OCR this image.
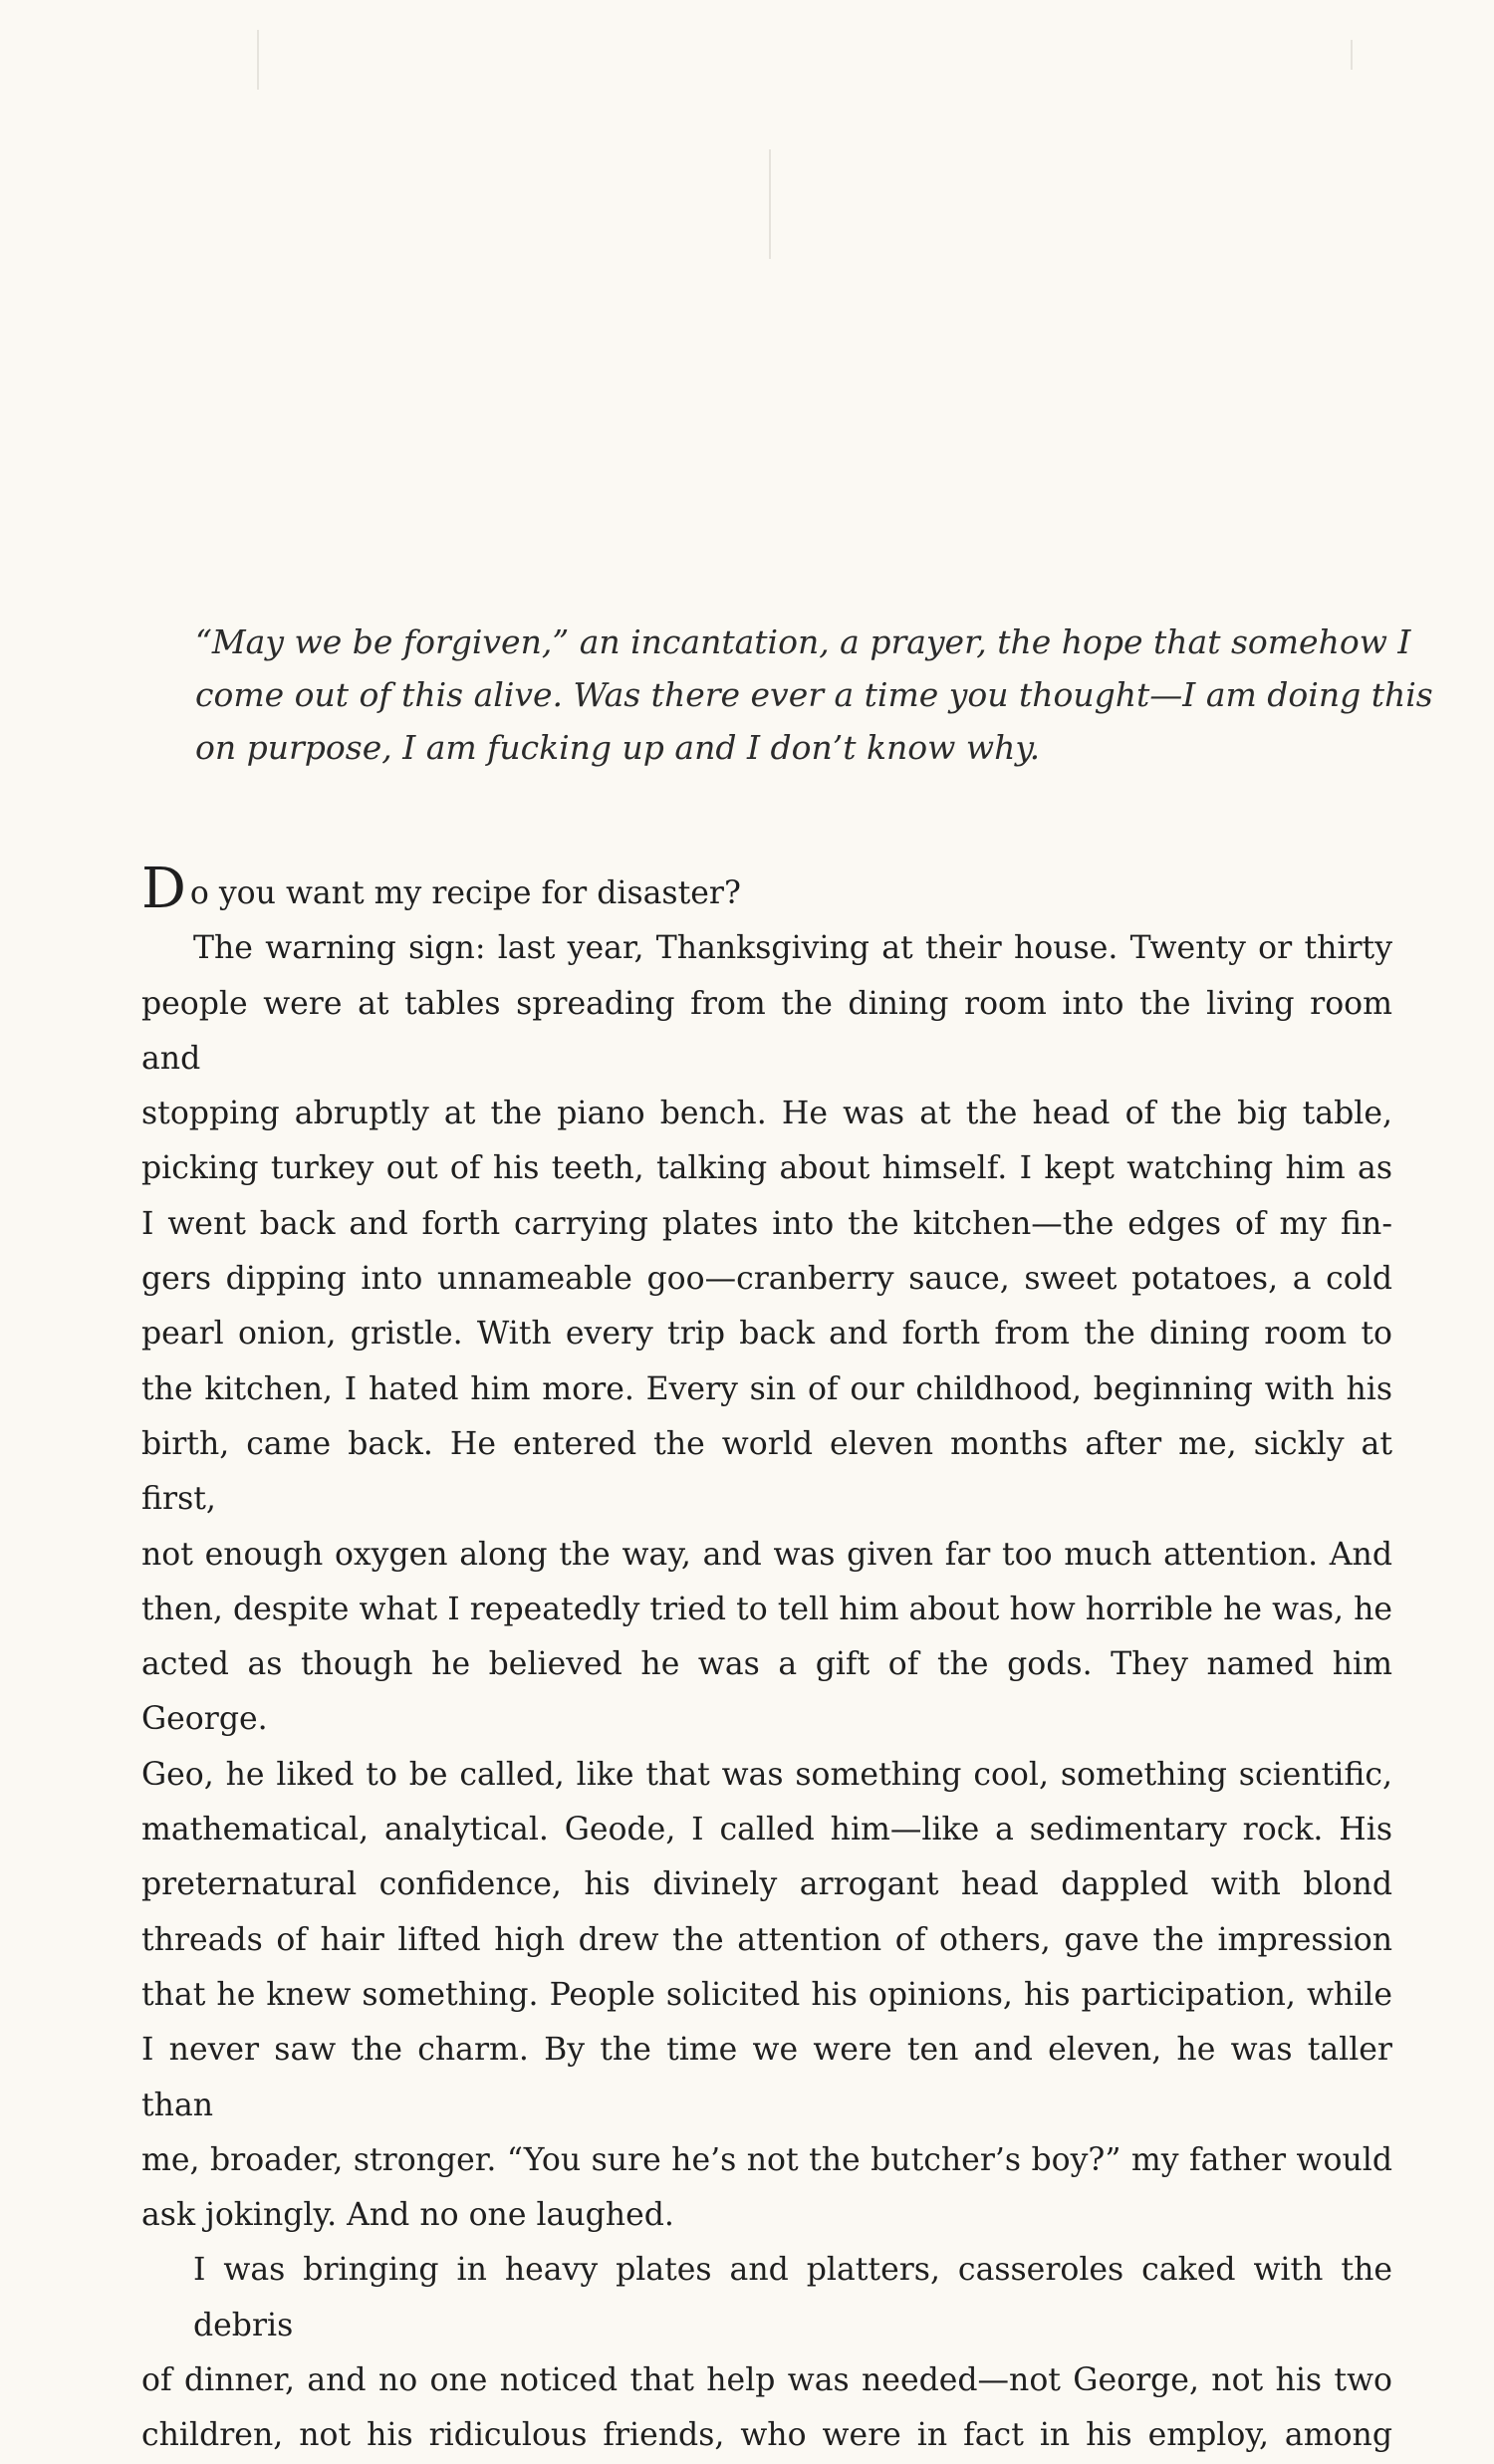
“May we be forgiven,” an incantation, a prayer, the hope that somehow I
come out of this alive. Was there ever a time you thought—I am doing this
on purpose, I am fucking up and I don’t know why.
Do you want my recipe for disaster?
The warning sign: last year, Thanksgiving at their house. Twenty or thirty
people were at tables spreading from the dining room into the living room and
stopping abruptly at the piano bench. He was at the head of the big table,
picking turkey out of his teeth, talking about himself. I kept watching him as
I went back and forth carrying plates into the kitchen—the edges of my fin-
gers dipping into unnameable goo—cranberry sauce, sweet potatoes, a cold
pearl onion, gristle. With every trip back and forth from the dining room to
the kitchen, I hated him more. Every sin of our childhood, beginning with his
birth, came back. He entered the world eleven months after me, sickly at first,
not enough oxygen along the way, and was given far too much attention. And
then, despite what I repeatedly tried to tell him about how horrible he was, he
acted as though he believed he was a gift of the gods. They named him George.
Geo, he liked to be called, like that was something cool, something scientific,
mathematical, analytical. Geode, I called him—like a sedimentary rock. His
preternatural confidence, his divinely arrogant head dappled with blond
threads of hair lifted high drew the attention of others, gave the impression
that he knew something. People solicited his opinions, his participation, while
I never saw the charm. By the time we were ten and eleven, he was taller than
me, broader, stronger. “You sure he’s not the butcher’s boy?” my father would
ask jokingly. And no one laughed.
I was bringing in heavy plates and platters, casseroles caked with the debris
of dinner, and no one noticed that help was needed—not George, not his two
children, not his ridiculous friends, who were in fact in his employ, among
